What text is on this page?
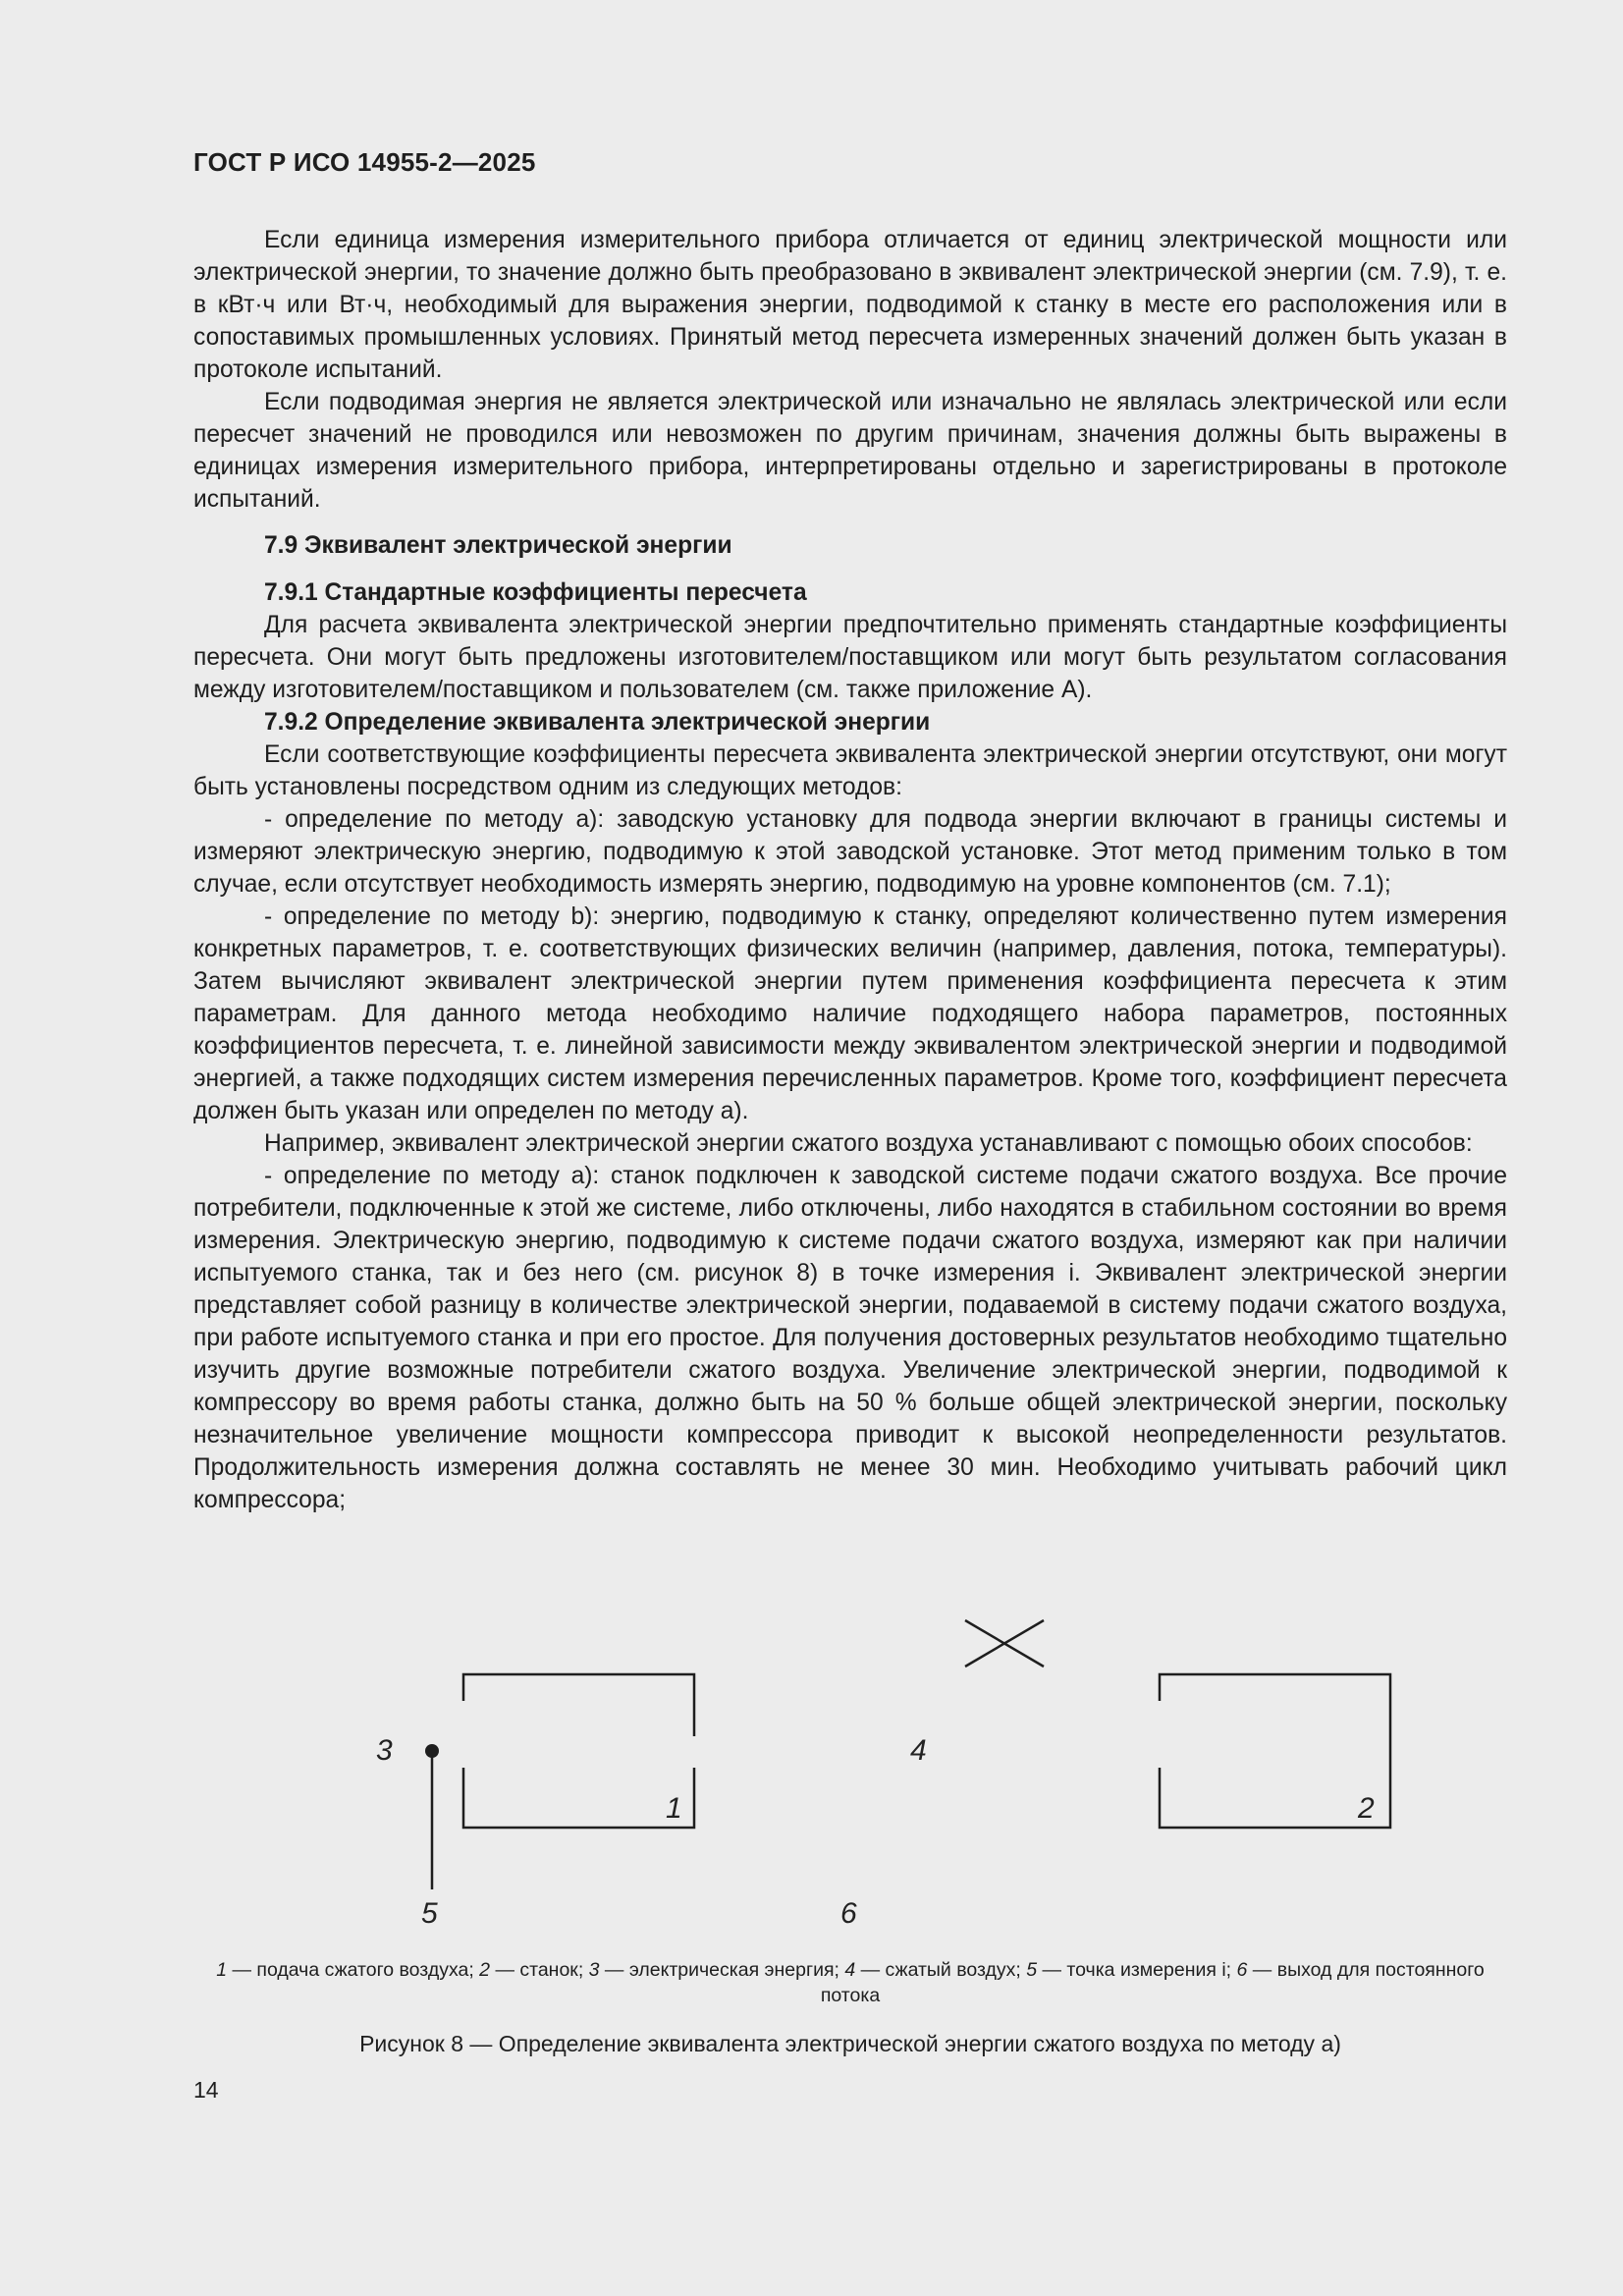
ГОСТ Р ИСО 14955-2—2025

Если единица измерения измерительного прибора отличается от единиц электрической мощности или электрической энергии, то значение должно быть преобразовано в эквивалент электрической энергии (см. 7.9), т. е. в кВт·ч или Вт·ч, необходимый для выражения энергии, подводимой к станку в месте его расположения или в сопоставимых промышленных условиях. Принятый метод пересчета измеренных значений должен быть указан в протоколе испытаний.

Если подводимая энергия не является электрической или изначально не являлась электрической или если пересчет значений не проводился или невозможен по другим причинам, значения должны быть выражены в единицах измерения измерительного прибора, интерпретированы отдельно и зарегистрированы в протоколе испытаний.

7.9 Эквивалент электрической энергии
7.9.1 Стандартные коэффициенты пересчета

Для расчета эквивалента электрической энергии предпочтительно применять стандартные коэффициенты пересчета. Они могут быть предложены изготовителем/поставщиком или могут быть результатом согласования между изготовителем/поставщиком и пользователем (см. также приложение А).

7.9.2 Определение эквивалента электрической энергии

Если соответствующие коэффициенты пересчета эквивалента электрической энергии отсутствуют, они могут быть установлены посредством одним из следующих методов:

- определение по методу a): заводскую установку для подвода энергии включают в границы системы и измеряют электрическую энергию, подводимую к этой заводской установке. Этот метод применим только в том случае, если отсутствует необходимость измерять энергию, подводимую на уровне компонентов (см. 7.1);

- определение по методу b): энергию, подводимую к станку, определяют количественно путем измерения конкретных параметров, т. е. соответствующих физических величин (например, давления, потока, температуры). Затем вычисляют эквивалент электрической энергии путем применения коэффициента пересчета к этим параметрам. Для данного метода необходимо наличие подходящего набора параметров, постоянных коэффициентов пересчета, т. е. линейной зависимости между эквивалентом электрической энергии и подводимой энергией, а также подходящих систем измерения перечисленных параметров. Кроме того, коэффициент пересчета должен быть указан или определен по методу a).

Например, эквивалент электрической энергии сжатого воздуха устанавливают с помощью обоих способов:

- определение по методу a): станок подключен к заводской системе подачи сжатого воздуха. Все прочие потребители, подключенные к этой же системе, либо отключены, либо находятся в стабильном состоянии во время измерения. Электрическую энергию, подводимую к системе подачи сжатого воздуха, измеряют как при наличии испытуемого станка, так и без него (см. рисунок 8) в точке измерения i. Эквивалент электрической энергии представляет собой разницу в количестве электрической энергии, подаваемой в систему подачи сжатого воздуха, при работе испытуемого станка и при его простое. Для получения достоверных результатов необходимо тщательно изучить другие возможные потребители сжатого воздуха. Увеличение электрической энергии, подводимой к компрессору во время работы станка, должно быть на 50 % больше общей электрической энергии, поскольку незначительное увеличение мощности компрессора приводит к высокой неопределенности результатов. Продолжительность измерения должна составлять не менее 30 мин. Необходимо учитывать рабочий цикл компрессора;

3	4
1	2
5	6
1 — подача сжатого воздуха; 2 — станок; 3 — электрическая энергия; 4 — сжатый воздух; 5 — точка измерения i; 6 — выход для постоянного потока
Рисунок 8 — Определение эквивалента электрической энергии сжатого воздуха по методу a)
14
